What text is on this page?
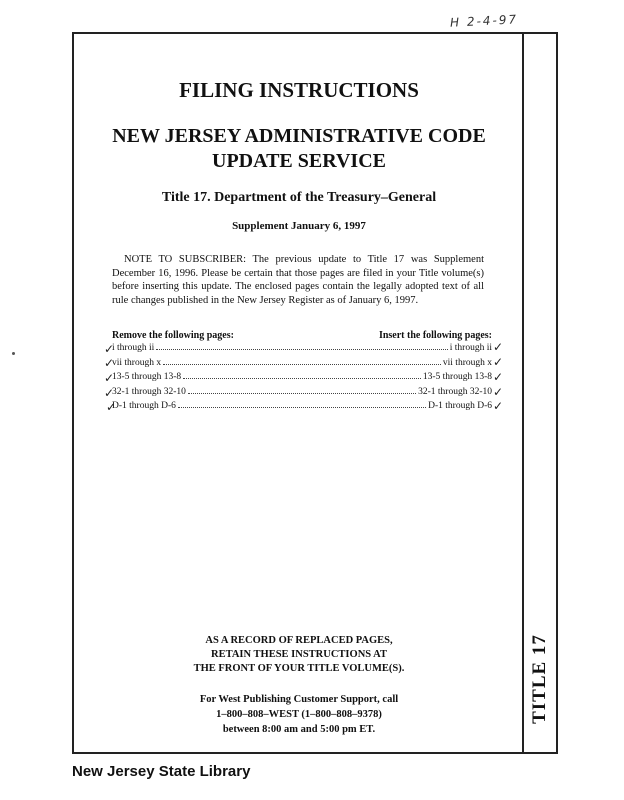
H 2-4-97
FILING INSTRUCTIONS
NEW JERSEY ADMINISTRATIVE CODE
UPDATE SERVICE
Title 17. Department of the Treasury–General
Supplement January 6, 1997

NOTE TO SUBSCRIBER: The previous update to Title 17 was Supplement December 16, 1996. Please be certain that those pages are filed in your Title volume(s) before inserting this update. The enclosed pages contain the legally adopted text of all rule changes published in the New Jersey Register as of January 6, 1997.

Remove the following pages:	Insert the following pages:
i through ii	i through ii
vii through x	vii through x
13-5 through 13-8	13-5 through 13-8
32-1 through 32-10	32-1 through 32-10
D-1 through D-6	D-1 through D-6
✓
✓
✓
✓
✓
✓
✓
✓
✓
✓
AS A RECORD OF REPLACED PAGES,
RETAIN THESE INSTRUCTIONS AT
THE FRONT OF YOUR TITLE VOLUME(S).
For West Publishing Customer Support, call
1–800–808–WEST (1–800–808–9378)
between 8:00 am and 5:00 pm ET.
TITLE 17
New Jersey State Library
